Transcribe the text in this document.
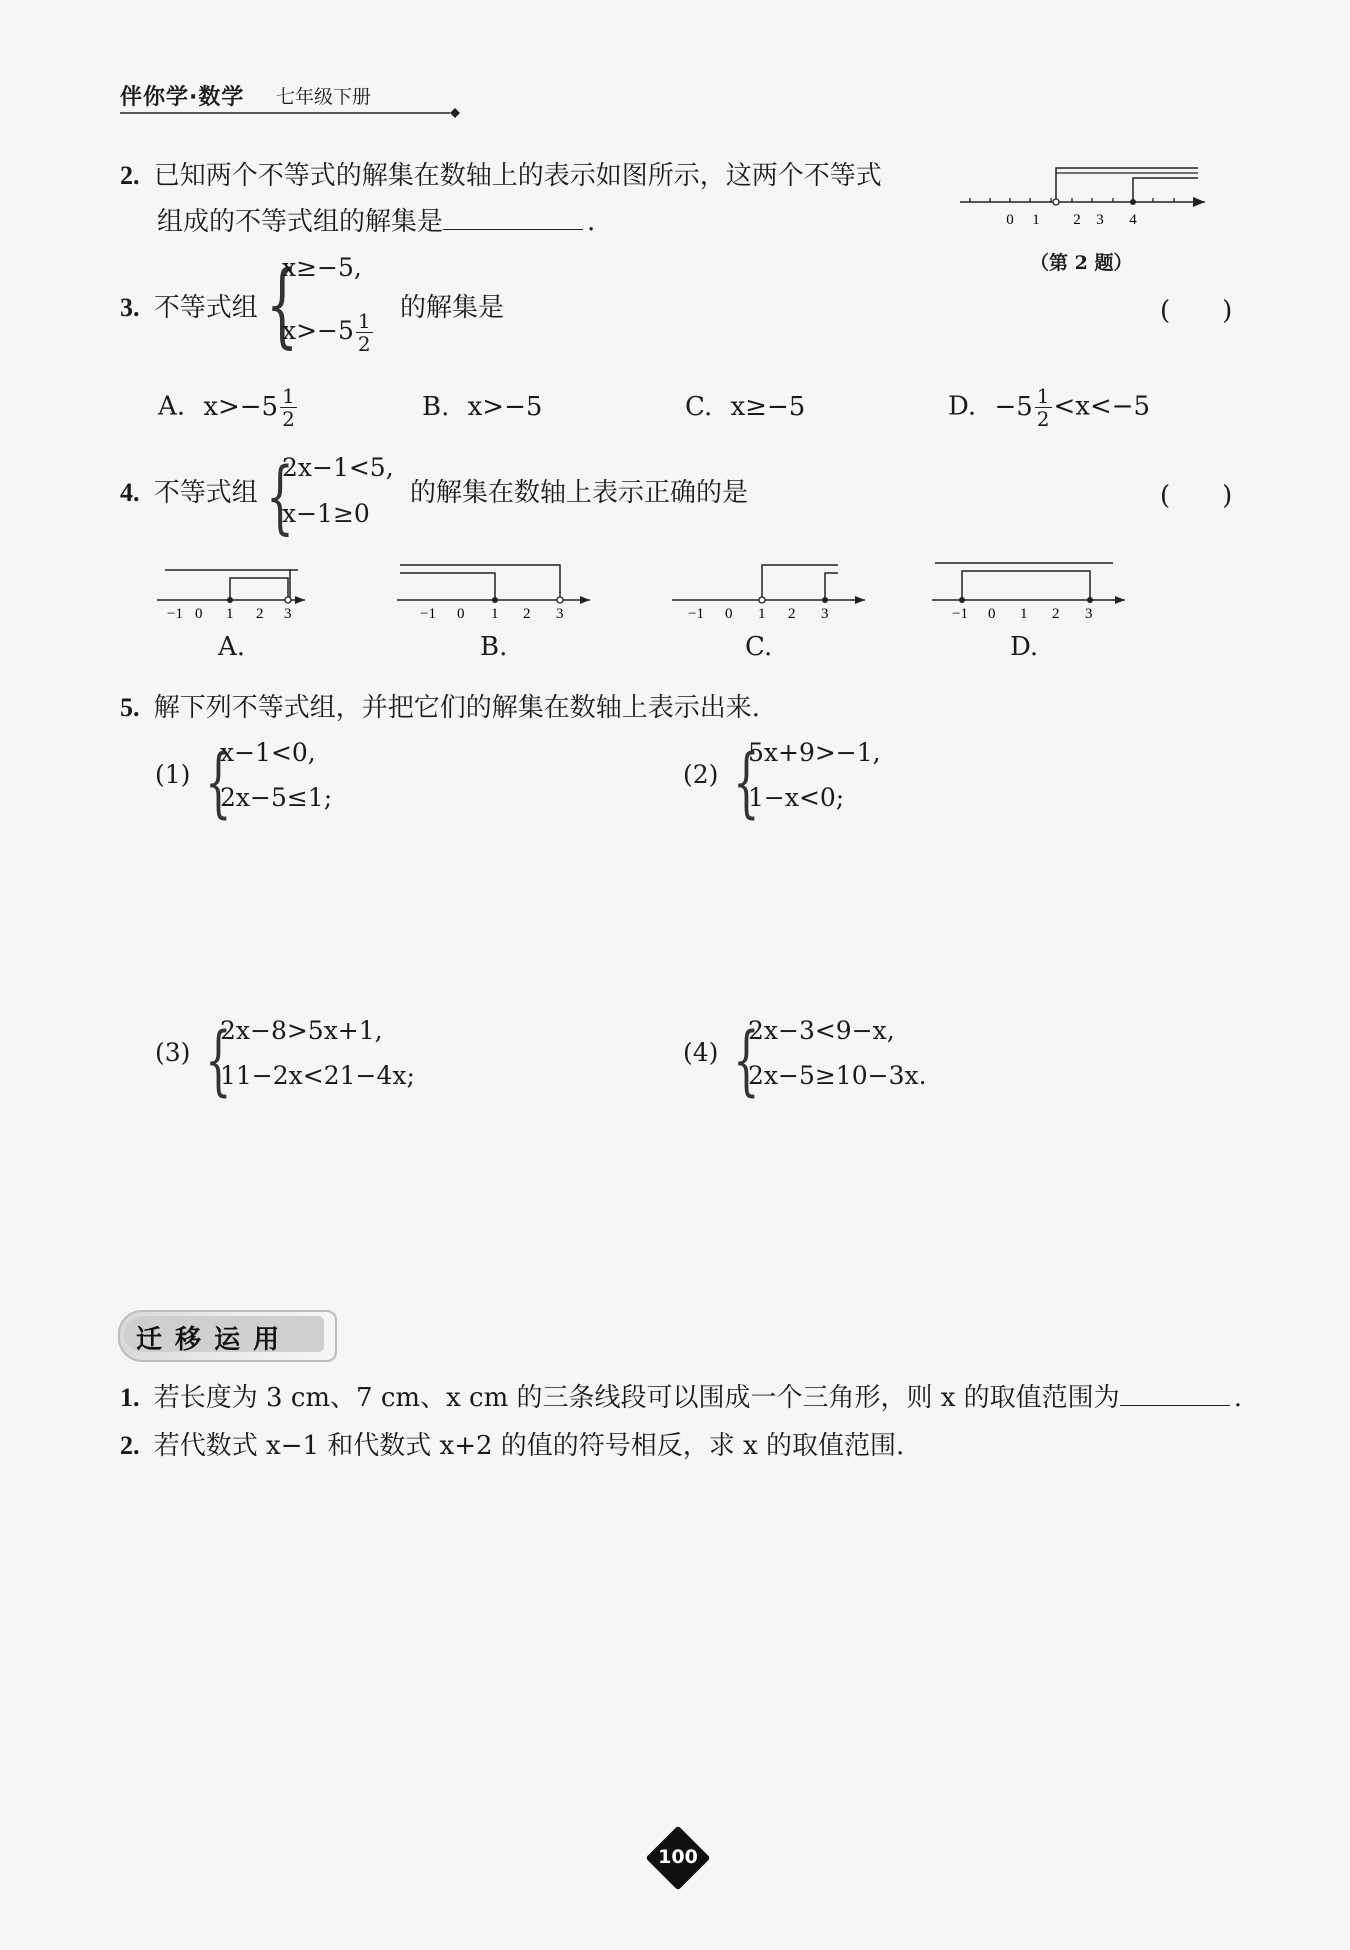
伴你学·数学 七年级下册
2. 已知两个不等式的解集在数轴上的表示如图所示，这两个不等式
组成的不等式组的解集是	.	0 1 2 3 4
（第 2 题）
3. 不等式组 {
x≥−5,
$x>-5 \frac{1}{2}$
的解集是	(　　)
A. $x>-5 \frac{1}{2}$	B. x>−5	C. x≥−5	D. $-5 \frac{1}{2} <x<-5$
4. 不等式组 {
2x−1<5,
x−1≥0
的解集在数轴上表示正确的是	(　　)
−1 0 1 2 3
A.
−1 0 1 2 3
B.
−1 0 1 2 3
C.
−1 0 1 2 3
D.
5. 解下列不等式组，并把它们的解集在数轴上表示出来.
(1) {
x−1<0,
2x−5≤1;
(2) {
5x+9>−1,
1−x<0;
(3) {
2x−8>5x+1,
11−2x<21−4x;
(4) {
2x−3<9−x,
2x−5≥10−3x.
迁 移 运 用
1. 若长度为 3 cm、7 cm、x cm 的三条线段可以围成一个三角形，则 x 的取值范围为	.
2. 若代数式 x−1 和代数式 x+2 的值的符号相反，求 x 的取值范围.
100
